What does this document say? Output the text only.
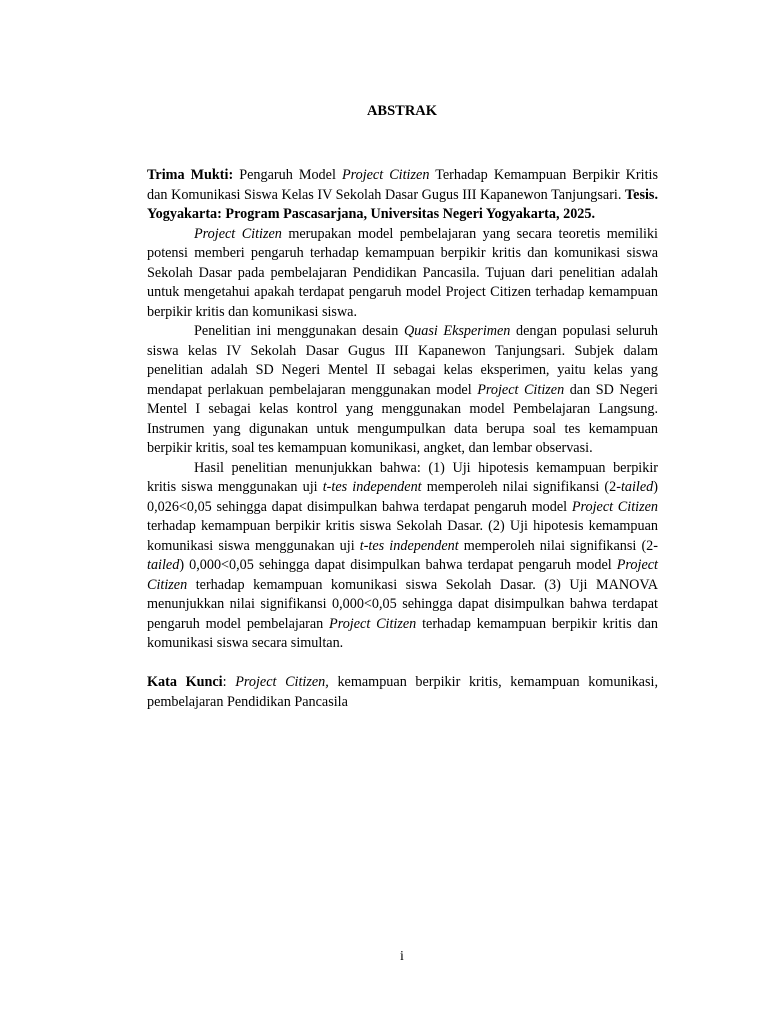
ABSTRAK

Trima Mukti: Pengaruh Model Project Citizen Terhadap Kemampuan Berpikir Kritis dan Komunikasi Siswa Kelas IV Sekolah Dasar Gugus III Kapanewon Tanjungsari. Tesis. Yogyakarta: Program Pascasarjana, Universitas Negeri Yogyakarta, 2025.

Project Citizen merupakan model pembelajaran yang secara teoretis memiliki potensi memberi pengaruh terhadap kemampuan berpikir kritis dan komunikasi siswa Sekolah Dasar pada pembelajaran Pendidikan Pancasila. Tujuan dari penelitian adalah untuk mengetahui apakah terdapat pengaruh model Project Citizen terhadap kemampuan berpikir kritis dan komunikasi siswa.

Penelitian ini menggunakan desain Quasi Eksperimen dengan populasi seluruh siswa kelas IV Sekolah Dasar Gugus III Kapanewon Tanjungsari. Subjek dalam penelitian adalah SD Negeri Mentel II sebagai kelas eksperimen, yaitu kelas yang mendapat perlakuan pembelajaran menggunakan model Project Citizen dan SD Negeri Mentel I sebagai kelas kontrol yang menggunakan model Pembelajaran Langsung. Instrumen yang digunakan untuk mengumpulkan data berupa soal tes kemampuan berpikir kritis, soal tes kemampuan komunikasi, angket, dan lembar observasi.

Hasil penelitian menunjukkan bahwa: (1) Uji hipotesis kemampuan berpikir kritis siswa menggunakan uji t-tes independent memperoleh nilai signifikansi (2-tailed) 0,026<0,05 sehingga dapat disimpulkan bahwa terdapat pengaruh model Project Citizen terhadap kemampuan berpikir kritis siswa Sekolah Dasar. (2) Uji hipotesis kemampuan komunikasi siswa menggunakan uji t-tes independent memperoleh nilai signifikansi (2-tailed) 0,000<0,05 sehingga dapat disimpulkan bahwa terdapat pengaruh model Project Citizen terhadap kemampuan komunikasi siswa Sekolah Dasar. (3) Uji MANOVA menunjukkan nilai signifikansi 0,000<0,05 sehingga dapat disimpulkan bahwa terdapat pengaruh model pembelajaran Project Citizen terhadap kemampuan berpikir kritis dan komunikasi siswa secara simultan.

Kata Kunci: Project Citizen, kemampuan berpikir kritis, kemampuan komunikasi, pembelajaran Pendidikan Pancasila

i
